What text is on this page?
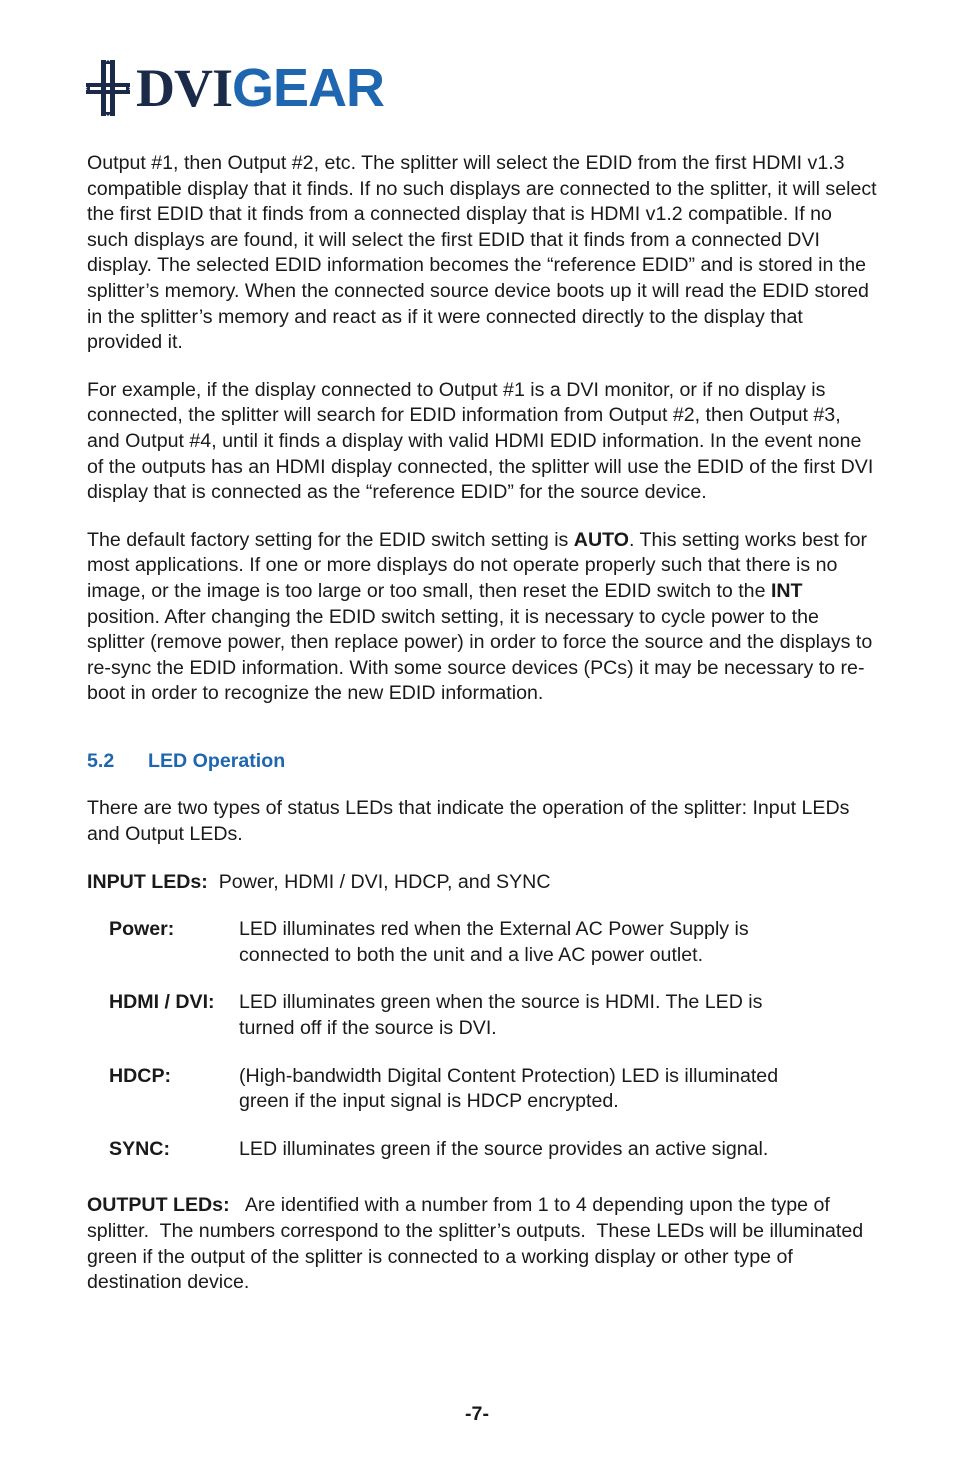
DVIGEAR

Output #1, then Output #2, etc. The splitter will select the EDID from the first HDMI v1.3 compatible display that it finds. If no such displays are connected to the splitter, it will select the first EDID that it finds from a connected display that is HDMI v1.2 compatible. If no such displays are found, it will select the first EDID that it finds from a connected DVI display. The selected EDID information becomes the “reference EDID” and is stored in the splitter’s memory. When the connected source device boots up it will read the EDID stored in the splitter’s memory and react as if it were connected directly to the display that provided it.

For example, if the display connected to Output #1 is a DVI monitor, or if no display is connected, the splitter will search for EDID information from Output #2, then Output #3, and Output #4, until it finds a display with valid HDMI EDID information. In the event none of the outputs has an HDMI display connected, the splitter will use the EDID of the first DVI display that is connected as the “reference EDID” for the source device.

The default factory setting for the EDID switch setting is AUTO. This setting works best for most applications. If one or more displays do not operate properly such that there is no image, or the image is too large or too small, then reset the EDID switch to the INT position. After changing the EDID switch setting, it is necessary to cycle power to the splitter (remove power, then replace power) in order to force the source and the displays to re-sync the EDID information. With some source devices (PCs) it may be necessary to re-boot in order to recognize the new EDID information.

5.2	LED Operation

There are two types of status LEDs that indicate the operation of the splitter: Input LEDs and Output LEDs.

INPUT LEDs:  Power, HDMI / DVI, HDCP, and SYNC

Power:	LED illuminates red when the External AC Power Supply is connected to both the unit and a live AC power outlet.
HDMI / DVI:	LED illuminates green when the source is HDMI. The LED is turned off if the source is DVI.
HDCP:	(High-bandwidth Digital Content Protection) LED is illuminated green if the input signal is HDCP encrypted.
SYNC:	LED illuminates green if the source provides an active signal.

OUTPUT LEDs:   Are identified with a number from 1 to 4 depending upon the type of splitter.  The numbers correspond to the splitter’s outputs.  These LEDs will be illuminated green if the output of the splitter is connected to a working display or other type of destination device.

-7-
